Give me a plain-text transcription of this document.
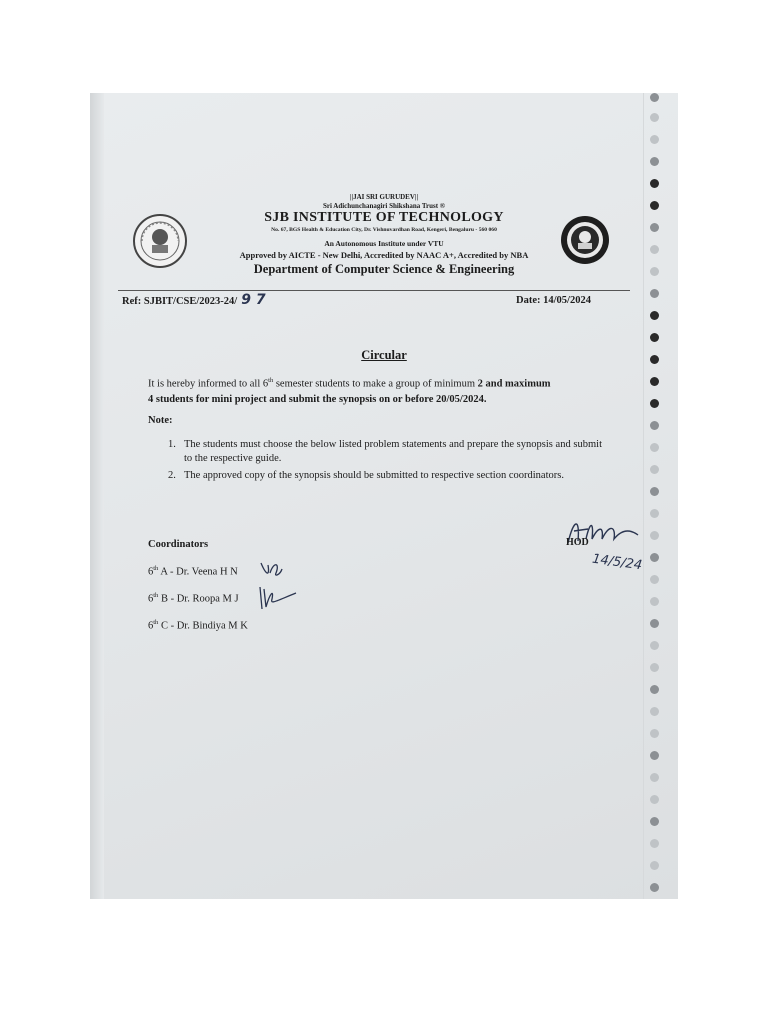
||JAI SRI GURUDEV||
Sri Adichunchanagiri Shikshana Trust ®
SJB INSTITUTE OF TECHNOLOGY
No. 67, BGS Health & Education City, Dr. Vishnuvardhan Road, Kengeri, Bengaluru - 560 060
An Autonomous Institute under VTU
Approved by AICTE - New Delhi, Accredited by NAAC A+, Accredited by NBA
Department of Computer Science & Engineering
Ref: SJBIT/CSE/2023-24/ 9 7	Date: 14/05/2024
Circular
It is hereby informed to all 6th semester students to make a group of minimum 2 and maximum
4 students for mini project and submit the synopsis on or before 20/05/2024.
Note:
1. The students must choose the below listed problem statements and prepare the synopsis and submit to the respective guide.
2. The approved copy of the synopsis should be submitted to respective section coordinators.
HOD
14/5/24
Coordinators
6th A - Dr. Veena H N
6th B - Dr. Roopa M J
6th C - Dr. Bindiya M K
